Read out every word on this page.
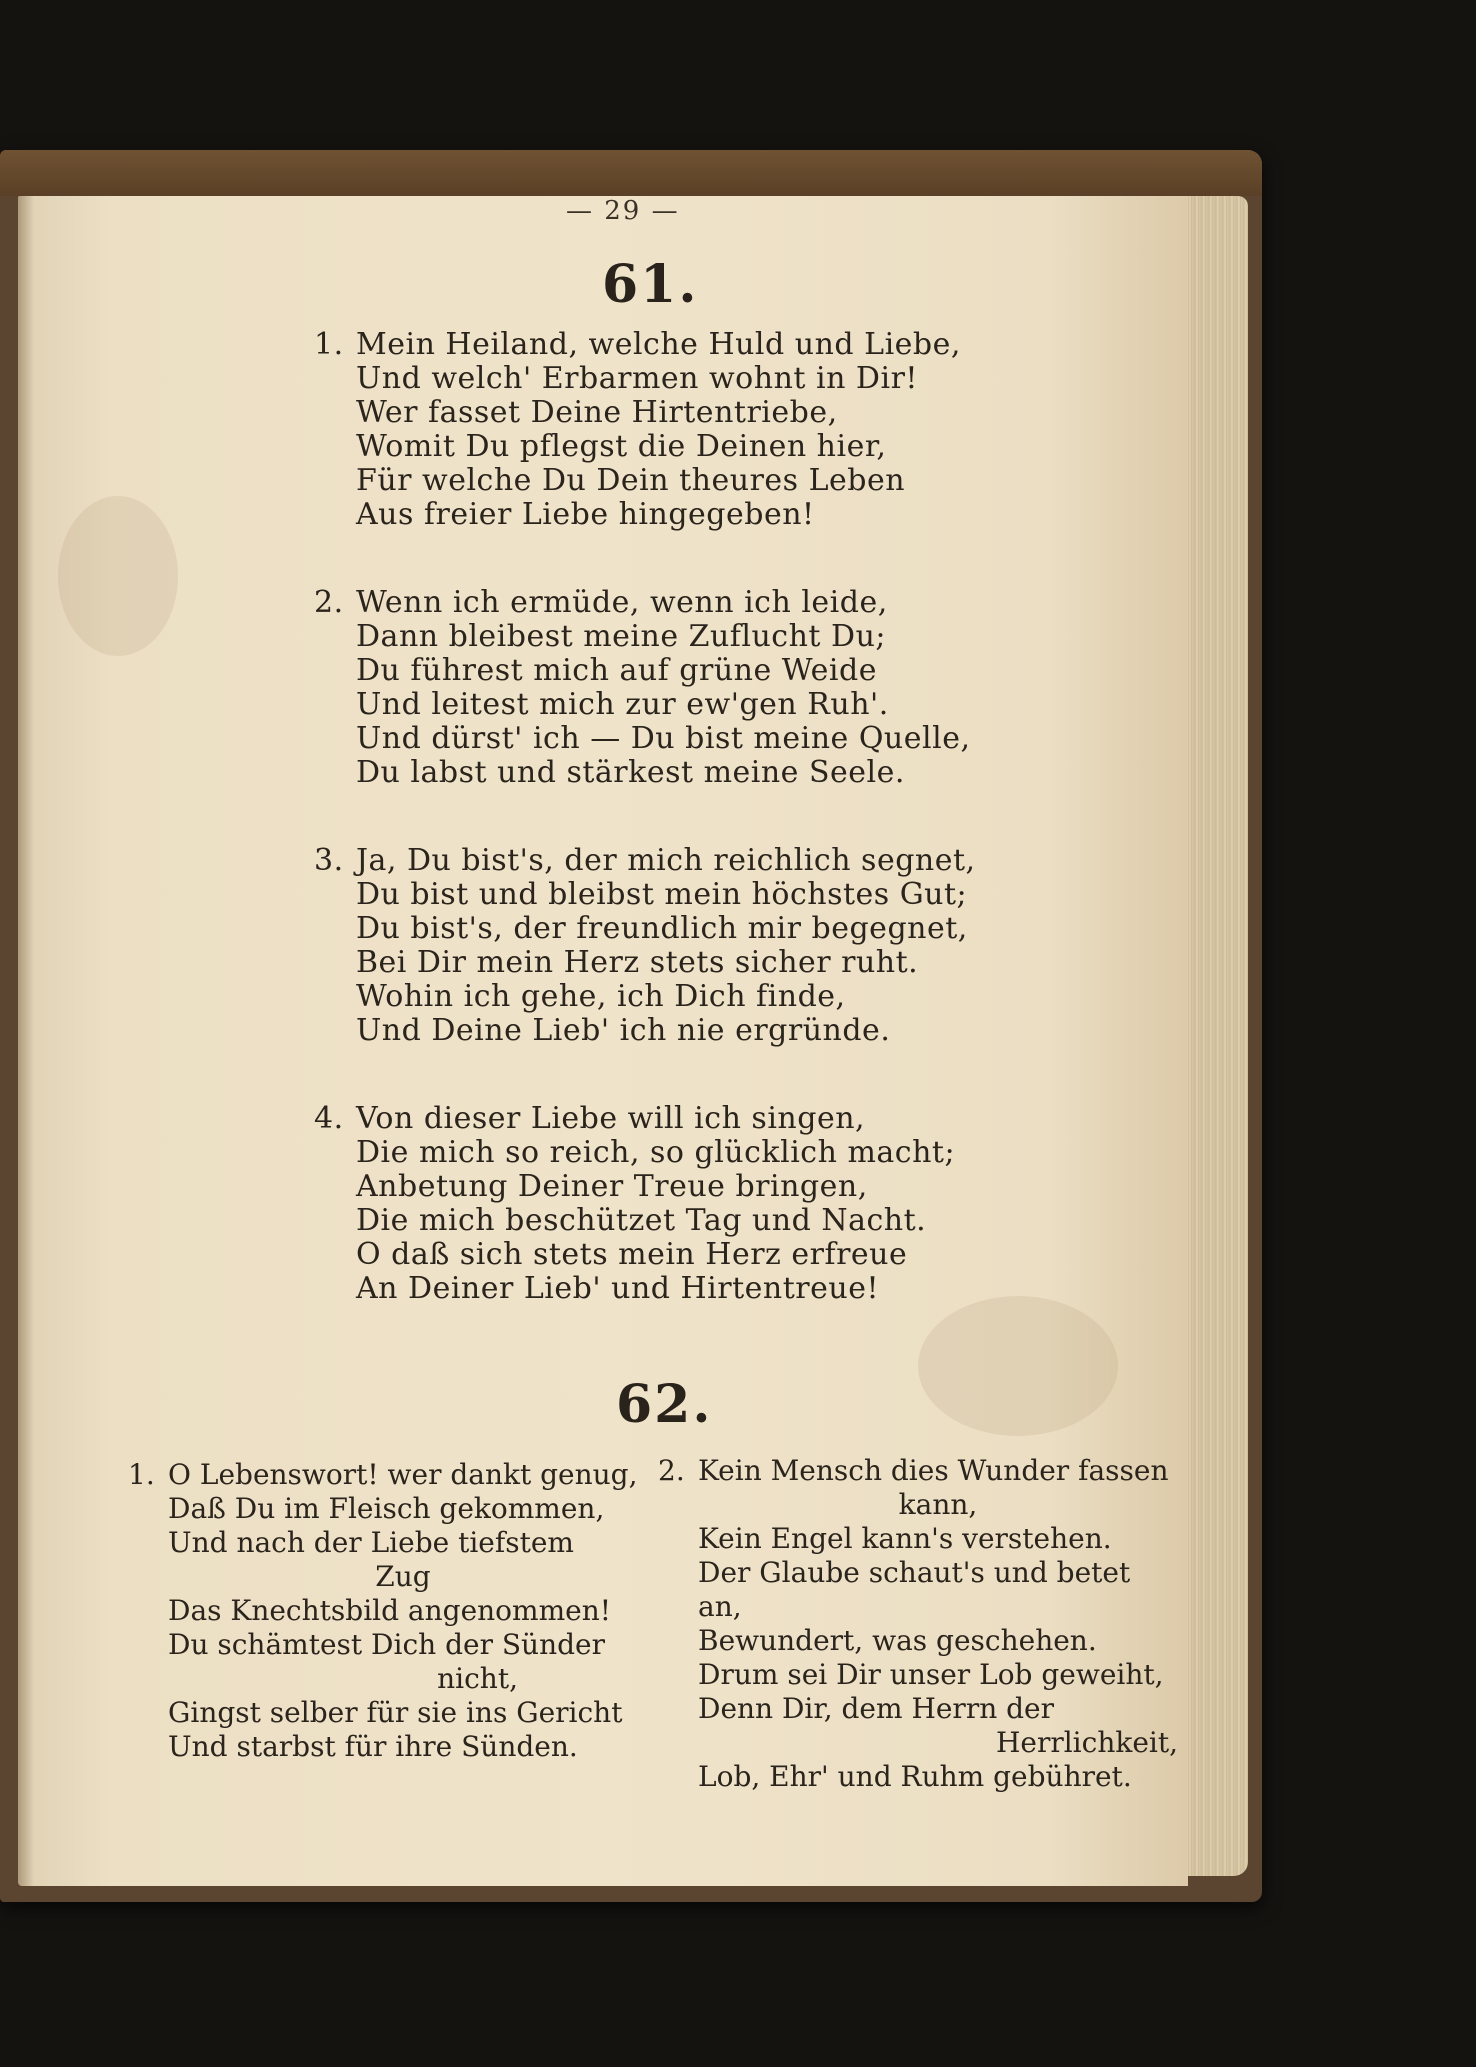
— 29 —
61.
1. Mein Heiland, welche Huld und Liebe,
Und welch' Erbarmen wohnt in Dir!
Wer fasset Deine Hirtentriebe,
Womit Du pflegst die Deinen hier,
Für welche Du Dein theures Leben
Aus freier Liebe hingegeben!
2. Wenn ich ermüde, wenn ich leide,
Dann bleibest meine Zuflucht Du;
Du führest mich auf grüne Weide
Und leitest mich zur ew'gen Ruh'.
Und dürst' ich — Du bist meine Quelle,
Du labst und stärkest meine Seele.
3. Ja, Du bist's, der mich reichlich segnet,
Du bist und bleibst mein höchstes Gut;
Du bist's, der freundlich mir begegnet,
Bei Dir mein Herz stets sicher ruht.
Wohin ich gehe, ich Dich finde,
Und Deine Lieb' ich nie ergründe.
4. Von dieser Liebe will ich singen,
Die mich so reich, so glücklich macht;
Anbetung Deiner Treue bringen,
Die mich beschützet Tag und Nacht.
O daß sich stets mein Herz erfreue
An Deiner Lieb' und Hirtentreue!
62.
1. O Lebenswort! wer dankt genug,
Daß Du im Fleisch gekommen,
Und nach der Liebe tiefstem
Zug
Das Knechtsbild angenommen!
Du schämtest Dich der Sünder
nicht,
Gingst selber für sie ins Gericht
Und starbst für ihre Sünden.
2. Kein Mensch dies Wunder fassen
kann,
Kein Engel kann's verstehen.
Der Glaube schaut's und betet an,
Bewundert, was geschehen.
Drum sei Dir unser Lob geweiht,
Denn Dir, dem Herrn der
Herrlichkeit,
Lob, Ehr' und Ruhm gebühret.
